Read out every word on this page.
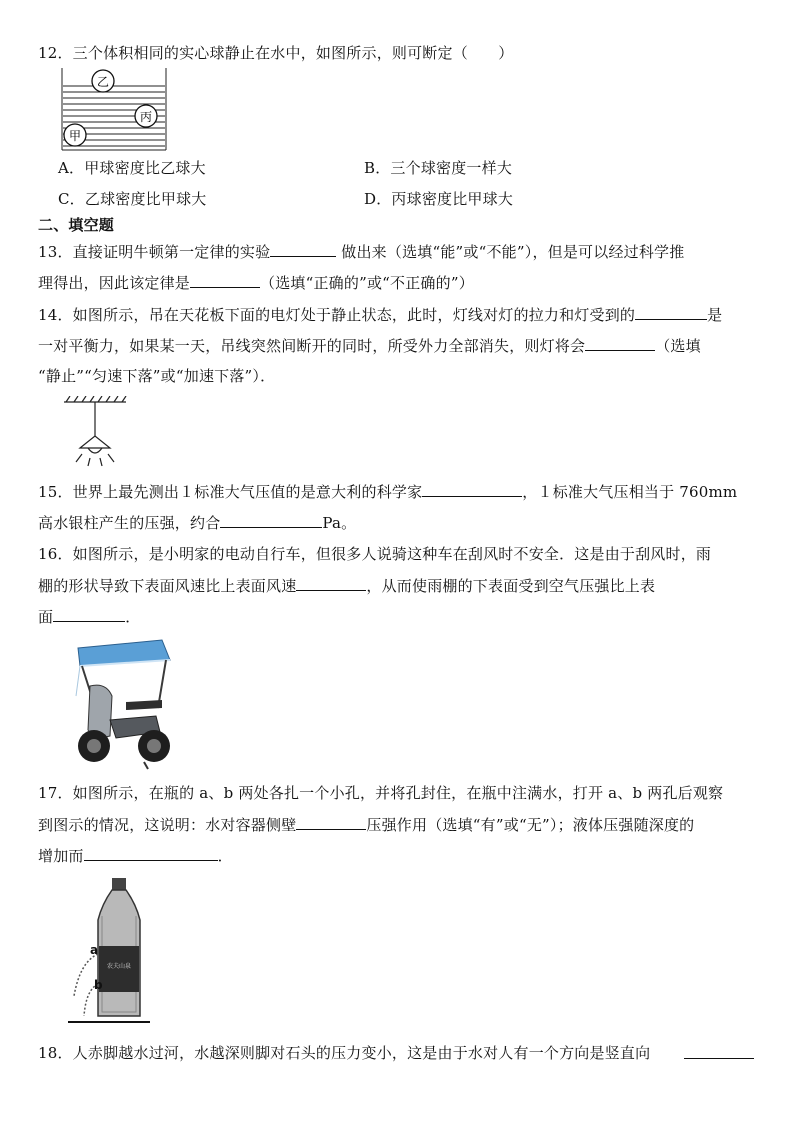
12．三个体积相同的实心球静止在水中，如图所示，则可断定（　　）
乙
丙
甲
A．甲球密度比乙球大	B．三个球密度一样大
C．乙球密度比甲球大	D．丙球密度比甲球大
二、填空题
13．直接证明牛顿第一定律的实验	做出来（选填“能”或“不能”），但是可以经过科学推
理得出，因此该定律是	（选填“正确的”或“不正确的”）
14．如图所示，吊在天花板下面的电灯处于静止状态，此时，灯线对灯的拉力和灯受到的	是
一对平衡力，如果某一天，吊线突然间断开的同时，所受外力全部消失，则灯将会	（选填
“静止”“匀速下落”或“加速下落”）．
15．世界上最先测出１标准大气压值的是意大利的科学家	，１标准大气压相当于 760mm
高水银柱产生的压强，约合	Pa。
16．如图所示，是小明家的电动自行车，但很多人说骑这种车在刮风时不安全．这是由于刮风时，雨
棚的形状导致下表面风速比上表面风速	，从而使雨棚的下表面受到空气压强比上表
面	．
17．如图所示，在瓶的 a、b 两处各扎一个小孔，并将孔封住，在瓶中注满水，打开 a、b 两孔后观察
到图示的情况，这说明：水对容器侧壁	压强作用（选填“有”或“无”）；液体压强随深度的
增加而	．
农夫山泉
a
b
18．人赤脚越水过河，水越深则脚对石头的压力变小，这是由于水对人有一个方向是竖直向
